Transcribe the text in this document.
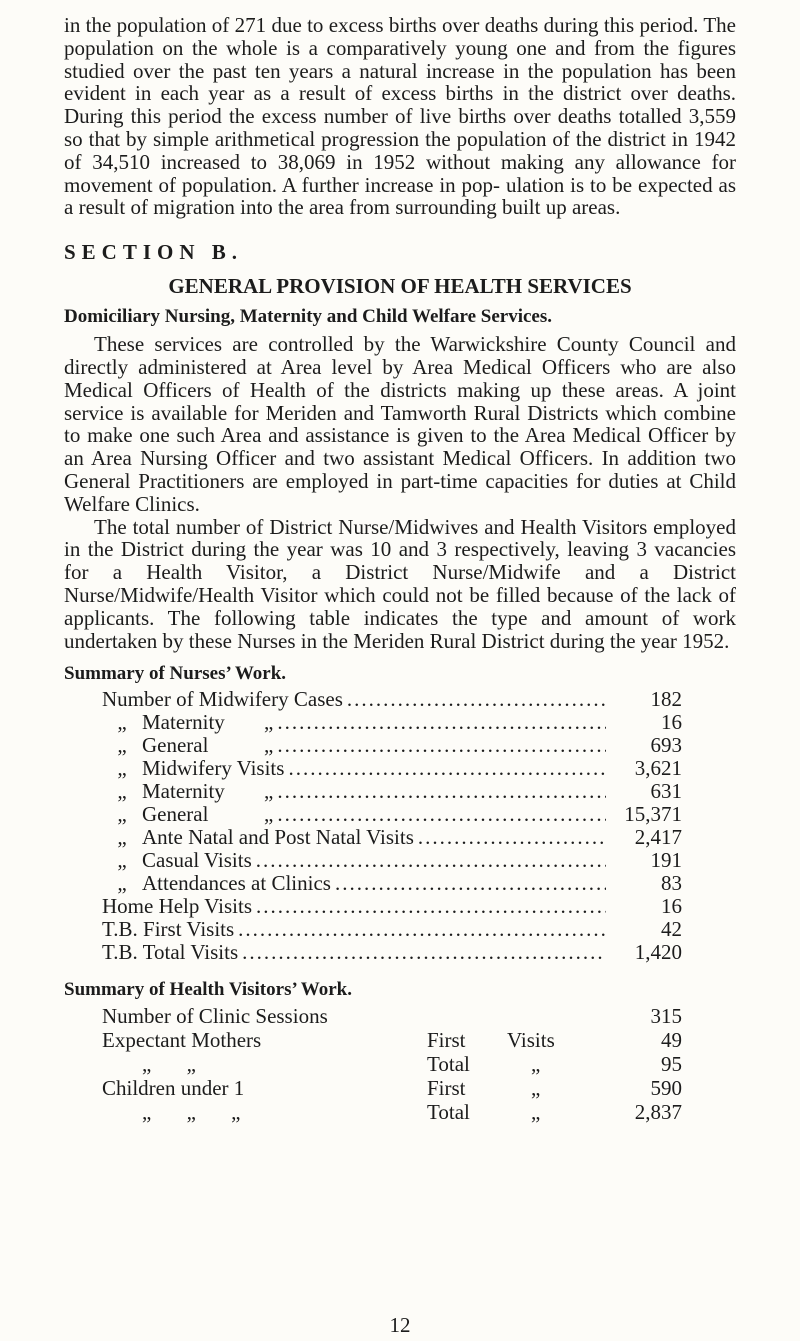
in the population of 271 due to excess births over deaths during this period. The population on the whole is a comparatively young one and from the figures studied over the past ten years a natural increase in the population has been evident in each year as a result of excess births in the district over deaths. During this period the excess number of live births over deaths totalled 3,559 so that by simple arithmetical progression the population of the district in 1942 of 34,510 increased to 38,069 in 1952 without making any allowance for movement of population. A further increase in pop- ulation is to be expected as a result of migration into the area from surrounding built up areas.

SECTION B.
GENERAL PROVISION OF HEALTH SERVICES
Domiciliary Nursing, Maternity and Child Welfare Services.

These services are controlled by the Warwickshire County Council and directly administered at Area level by Area Medical Officers who are also Medical Officers of Health of the districts making up these areas. A joint service is available for Meriden and Tamworth Rural Districts which combine to make one such Area and assistance is given to the Area Medical Officer by an Area Nursing Officer and two assistant Medical Officers. In addition two General Practitioners are employed in part-time capacities for duties at Child Welfare Clinics.

The total number of District Nurse/Midwives and Health Visitors employed in the District during the year was 10 and 3 respectively, leaving 3 vacancies for a Health Visitor, a District Nurse/Midwife and a District Nurse/Midwife/Health Visitor which could not be filled because of the lack of applicants. The following table indicates the type and amount of work undertaken by these Nurses in the Meriden Rural District during the year 1952.

Summary of Nurses’ Work.
Number of Midwifery Cases .....	182
„ Maternity „ .....	16
„ General	„ .....	693
„ Midwifery Visits .....	3,621
„ Maternity „ .....	631
„ General	„ .....	15,371
„ Ante Natal and Post Natal Visits .....	2,417
„ Casual Visits .....	191
„ Attendances at Clinics .....	83
Home Help Visits .....	16
T.B. First Visits .....	42
T.B. Total Visits .....	1,420
Summary of Health Visitors’ Work.
Number of Clinic Sessions	315
Expectant Mothers	First	Visits	49
„ „	Total	„	95
Children under 1	First	„	590
„ „ „	Total	„	2,837
12
